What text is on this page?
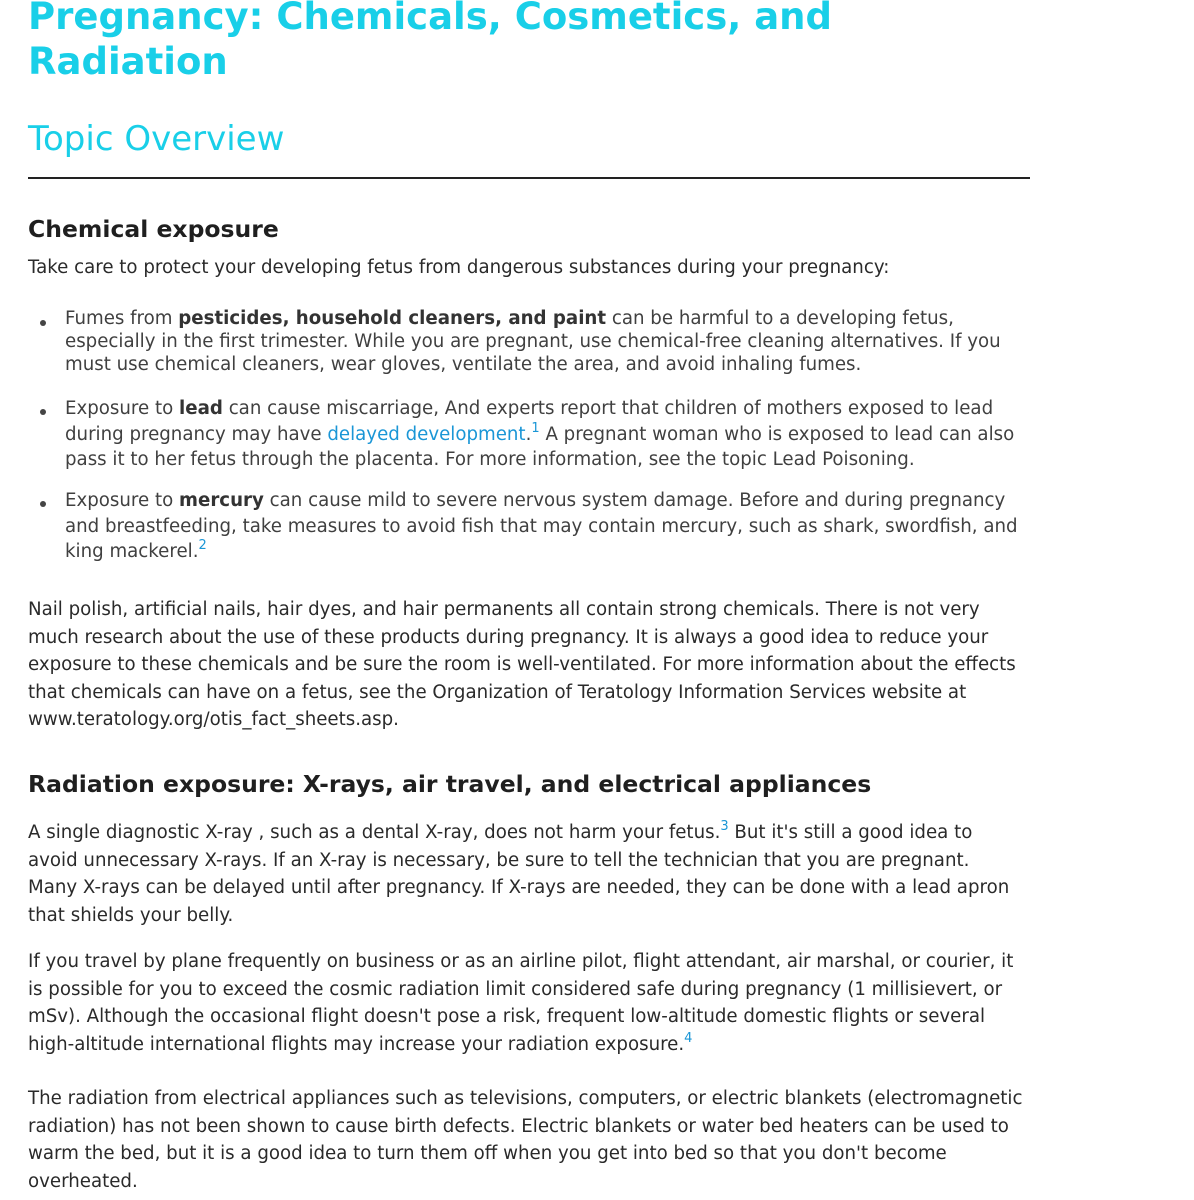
Pregnancy: Chemicals, Cosmetics, and Radiation
Topic Overview
Chemical exposure

Take care to protect your developing fetus from dangerous substances during your pregnancy:

Fumes from pesticides, household cleaners, and paint can be harmful to a developing fetus, especially in the first trimester. While you are pregnant, use chemical-free cleaning alternatives. If you must use chemical cleaners, wear gloves, ventilate the area, and avoid inhaling fumes.

Exposure to lead can cause miscarriage, And experts report that children of mothers exposed to lead during pregnancy may have delayed development.$^1$ A pregnant woman who is exposed to lead can also pass it to her fetus through the placenta. For more information, see the topic Lead Poisoning.

Exposure to mercury can cause mild to severe nervous system damage. Before and during pregnancy and breastfeeding, take measures to avoid fish that may contain mercury, such as shark, swordfish, and king mackerel.$^2$

Nail polish, artificial nails, hair dyes, and hair permanents all contain strong chemicals. There is not very much research about the use of these products during pregnancy. It is always a good idea to reduce your exposure to these chemicals and be sure the room is well-ventilated. For more information about the effects that chemicals can have on a fetus, see the Organization of Teratology Information Services website at www.teratology.org/otis_fact_sheets.asp.

Radiation exposure: X-rays, air travel, and electrical appliances

A single diagnostic X-ray , such as a dental X-ray, does not harm your fetus.$^3$ But it's still a good idea to avoid unnecessary X-rays. If an X-ray is necessary, be sure to tell the technician that you are pregnant. Many X-rays can be delayed until after pregnancy. If X-rays are needed, they can be done with a lead apron that shields your belly.

If you travel by plane frequently on business or as an airline pilot, flight attendant, air marshal, or courier, it is possible for you to exceed the cosmic radiation limit considered safe during pregnancy (1 millisievert, or mSv). Although the occasional flight doesn't pose a risk, frequent low-altitude domestic flights or several high-altitude international flights may increase your radiation exposure.$^4$

The radiation from electrical appliances such as televisions, computers, or electric blankets (electromagnetic radiation) has not been shown to cause birth defects. Electric blankets or water bed heaters can be used to warm the bed, but it is a good idea to turn them off when you get into bed so that you don't become overheated.
